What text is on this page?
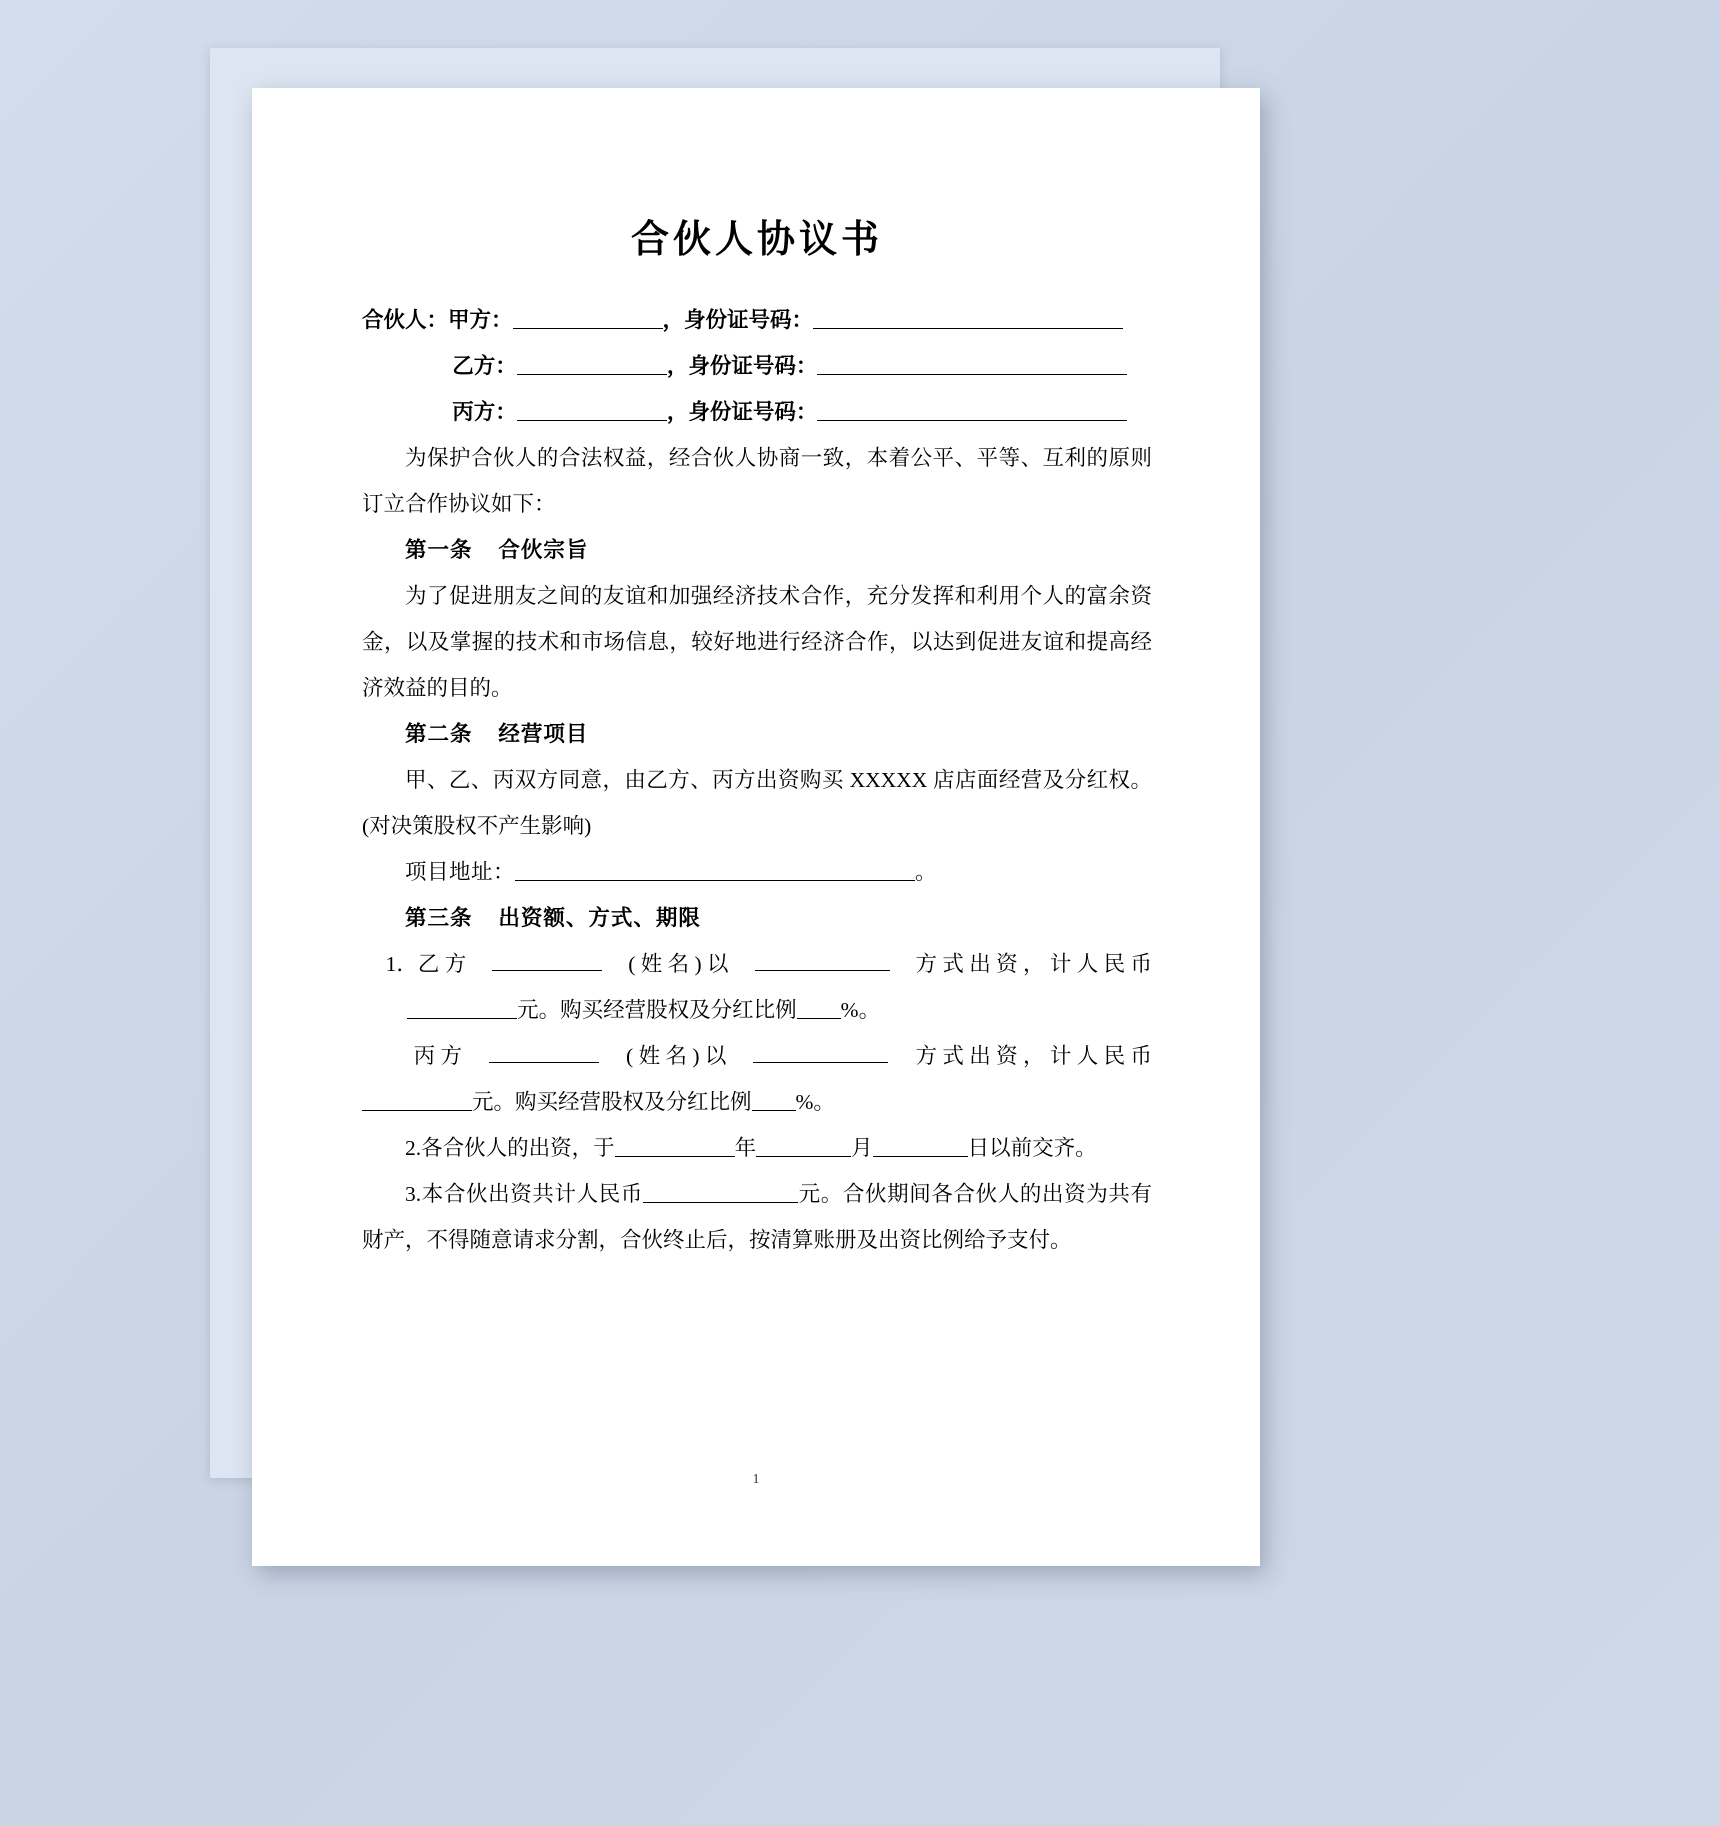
合伙人协议书
合伙人：甲方：	，身份证号码：
乙方：	，身份证号码：
丙方：	，身份证号码：
为保护合伙人的合法权益，经合伙人协商一致，本着公平、平等、互利的原则订立合作协议如下：
第一条 合伙宗旨
为了促进朋友之间的友谊和加强经济技术合作，充分发挥和利用个人的富余资金，以及掌握的技术和市场信息，较好地进行经济合作，以达到促进友谊和提高经济效益的目的。
第二条 经营项目
甲、乙、丙双方同意，由乙方、丙方出资购买 XXXXX 店店面经营及分红权。(对决策股权不产生影响)
项目地址：	。
第三条 出资额、方式、期限
1．乙 方	( 姓 名 ) 以	方 式 出 资 ， 计 人 民 币
元。购买经营股权及分红比例 %。
丙 方	( 姓 名 ) 以	方 式 出 资 ， 计 人 民 币
元。购买经营股权及分红比例 %。
2.各合伙人的出资，于	年	月	日以前交齐。
3.本合伙出资共计人民币	元。合伙期间各合伙人的出资为共有财产，不得随意请求分割，合伙终止后，按清算账册及出资比例给予支付。
1
